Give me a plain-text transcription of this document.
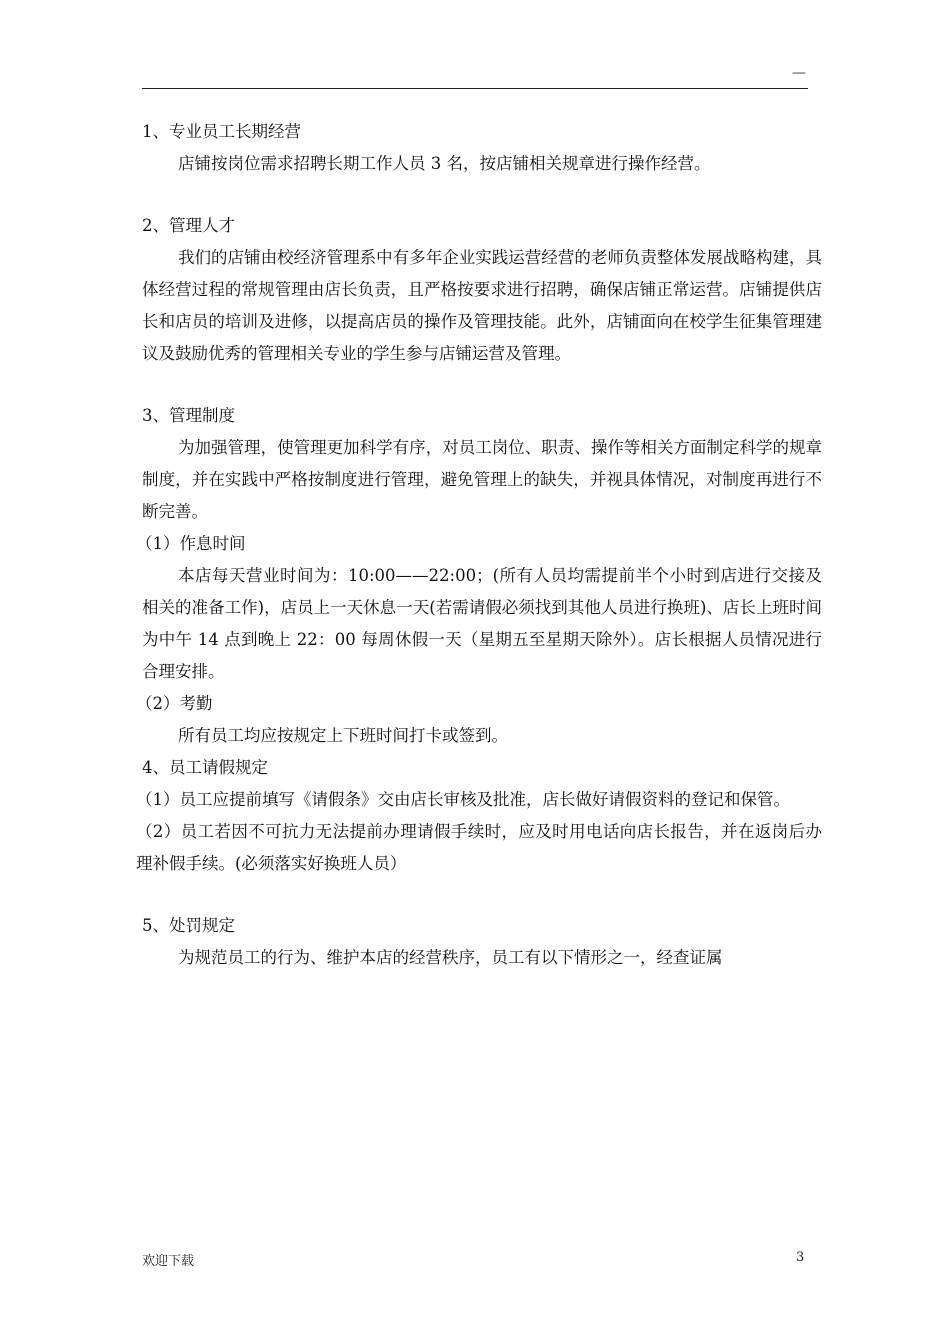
—

1、专业员工长期经营

店铺按岗位需求招聘长期工作人员 3 名，按店铺相关规章进行操作经营。

2、管理人才

我们的店铺由校经济管理系中有多年企业实践运营经营的老师负责整体发展战略构建，具体经营过程的常规管理由店长负责，且严格按要求进行招聘，确保店铺正常运营。店铺提供店长和店员的培训及进修，以提高店员的操作及管理技能。此外，店铺面向在校学生征集管理建议及鼓励优秀的管理相关专业的学生参与店铺运营及管理。

3、管理制度

为加强管理，使管理更加科学有序，对员工岗位、职责、操作等相关方面制定科学的规章制度，并在实践中严格按制度进行管理，避免管理上的缺失，并视具体情况，对制度再进行不断完善。

（1）作息时间

本店每天营业时间为：10:00——22:00；(所有人员均需提前半个小时到店进行交接及相关的准备工作)，店员上一天休息一天(若需请假必须找到其他人员进行换班)、店长上班时间为中午 14 点到晚上 22：00 每周休假一天（星期五至星期天除外）。店长根据人员情况进行合理安排。

（2）考勤

所有员工均应按规定上下班时间打卡或签到。

4、员工请假规定

（1）员工应提前填写《请假条》交由店长审核及批准，店长做好请假资料的登记和保管。

（2）员工若因不可抗力无法提前办理请假手续时，应及时用电话向店长报告，并在返岗后办理补假手续。(必须落实好换班人员）

5、处罚规定

为规范员工的行为、维护本店的经营秩序，员工有以下情形之一，经查证属

欢迎下载	3
